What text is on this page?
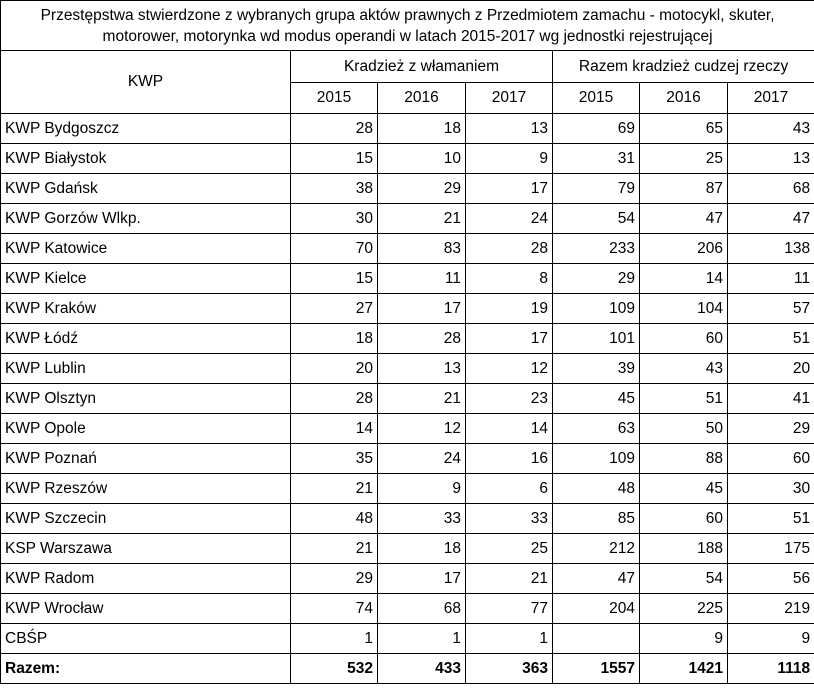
Przestępstwa stwierdzone z wybranych grupa aktów prawnych z Przedmiotem zamachu - motocykl, skuter, motorower, motorynka wd modus operandi w latach 2015-2017 wg jednostki rejestrującej						
KWP	Kradzież z włamaniem			Razem kradzież cudzej rzeczy		
	2015	2016	2017	2015	2016	2017
KWP Bydgoszcz	28	18	13	69	65	43
KWP Białystok	15	10	9	31	25	13
KWP Gdańsk	38	29	17	79	87	68
KWP Gorzów Wlkp.	30	21	24	54	47	47
KWP Katowice	70	83	28	233	206	138
KWP Kielce	15	11	8	29	14	11
KWP Kraków	27	17	19	109	104	57
KWP Łódź	18	28	17	101	60	51
KWP Lublin	20	13	12	39	43	20
KWP Olsztyn	28	21	23	45	51	41
KWP Opole	14	12	14	63	50	29
KWP Poznań	35	24	16	109	88	60
KWP Rzeszów	21	9	6	48	45	30
KWP Szczecin	48	33	33	85	60	51
KSP Warszawa	21	18	25	212	188	175
KWP Radom	29	17	21	47	54	56
KWP Wrocław	74	68	77	204	225	219
CBŚP	1	1	1		9	9
Razem:	532	433	363	1557	1421	1118
